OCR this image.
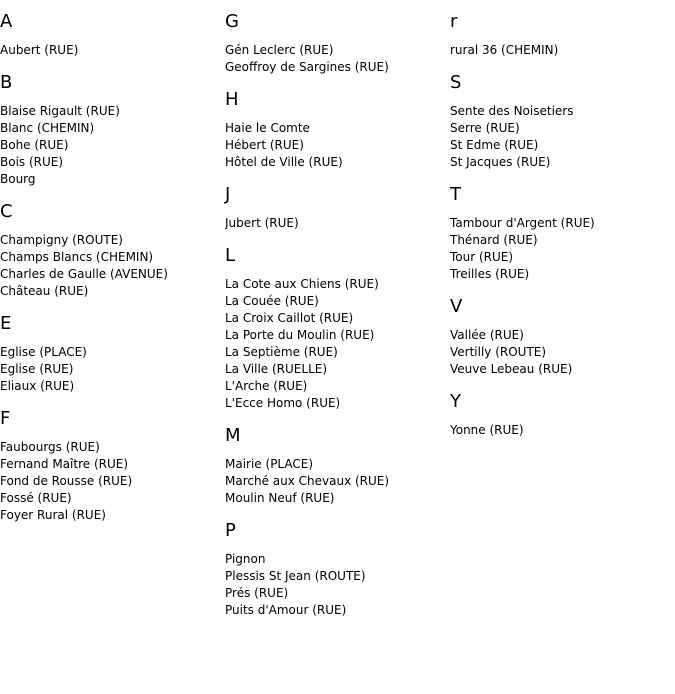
A
Aubert (RUE)
B
Blaise Rigault (RUE)
Blanc (CHEMIN)
Bohe (RUE)
Bois (RUE)
Bourg
C
Champigny (ROUTE)
Champs Blancs (CHEMIN)
Charles de Gaulle (AVENUE)
Château (RUE)
E
Eglise (PLACE)
Eglise (RUE)
Eliaux (RUE)
F
Faubourgs (RUE)
Fernand Maître (RUE)
Fond de Rousse (RUE)
Fossé (RUE)
Foyer Rural (RUE)
G
Gén Leclerc (RUE)
Geoffroy de Sargines (RUE)
H
Haie le Comte
Hébert (RUE)
Hôtel de Ville (RUE)
J
Jubert (RUE)
L
La Cote aux Chiens (RUE)
La Couée (RUE)
La Croix Caillot (RUE)
La Porte du Moulin (RUE)
La Septième (RUE)
La Ville (RUELLE)
L'Arche (RUE)
L'Ecce Homo (RUE)
M
Mairie (PLACE)
Marché aux Chevaux (RUE)
Moulin Neuf (RUE)
P
Pignon
Plessis St Jean (ROUTE)
Prés (RUE)
Puits d'Amour (RUE)
r
rural 36 (CHEMIN)
S
Sente des Noisetiers
Serre (RUE)
St Edme (RUE)
St Jacques (RUE)
T
Tambour d'Argent (RUE)
Thénard (RUE)
Tour (RUE)
Treilles (RUE)
V
Vallée (RUE)
Vertilly (ROUTE)
Veuve Lebeau (RUE)
Y
Yonne (RUE)
